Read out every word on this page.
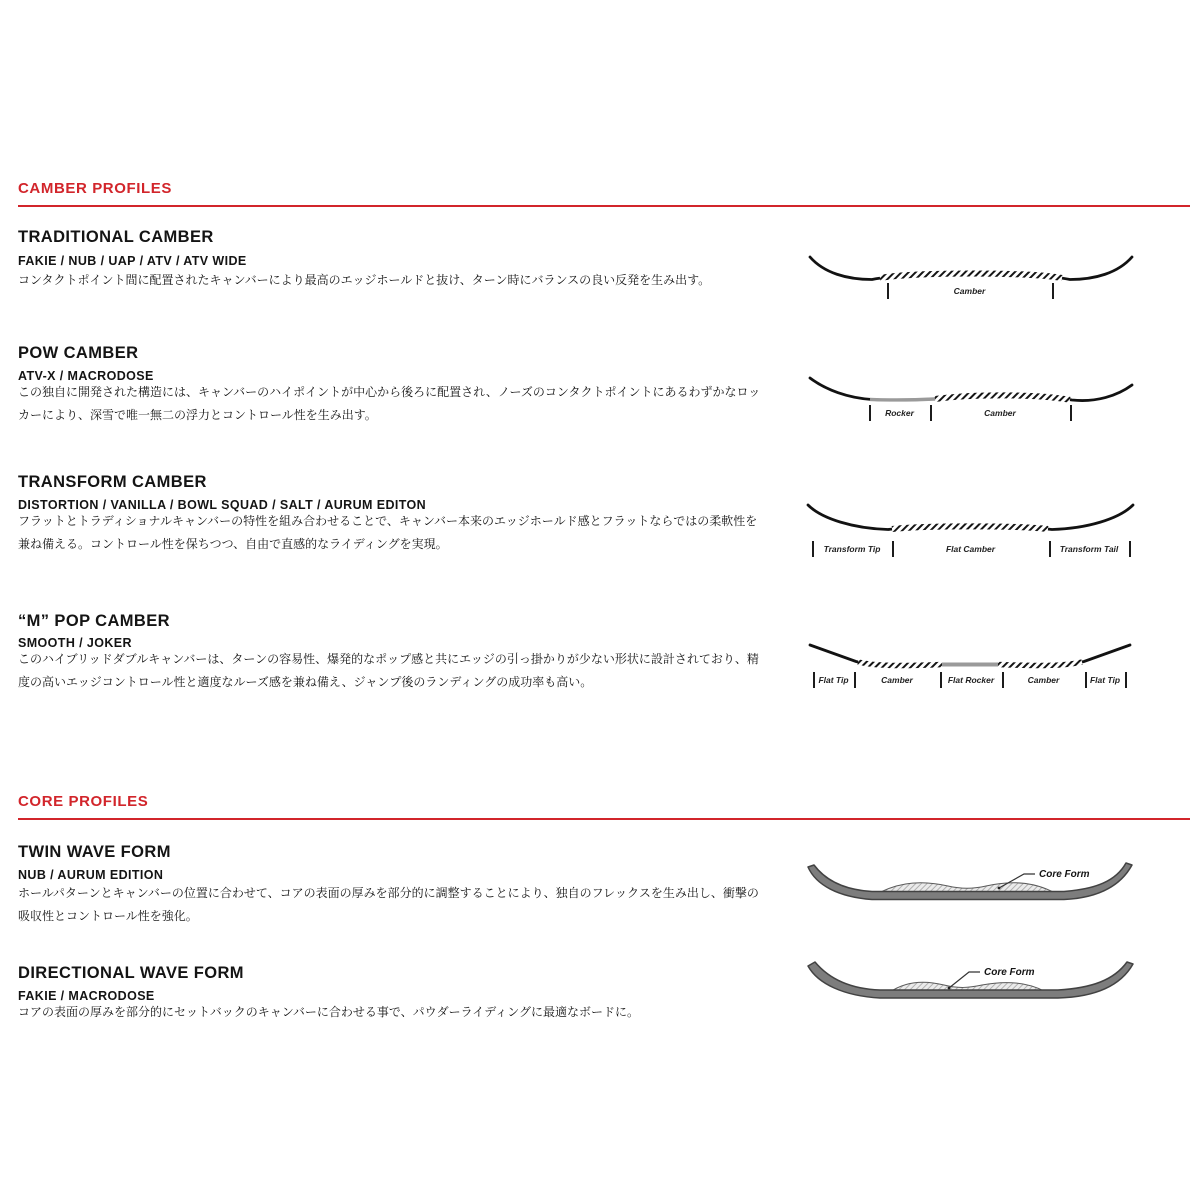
CAMBER PROFILES
TRADITIONAL CAMBER
FAKIE / NUB / UAP / ATV / ATV WIDE
コンタクトポイント間に配置されたキャンバーにより最高のエッジホールドと抜け、ターン時にバランスの良い反発を生み出す。
Camber
POW CAMBER
ATV-X / MACRODOSE
この独自に開発された構造には、キャンバーのハイポイントが中心から後ろに配置され、ノーズのコンタクトポイントにあるわずかなロッカーにより、深雪で唯一無二の浮力とコントロール性を生み出す。	Rocker	Camber
TRANSFORM CAMBER
DISTORTION / VANILLA / BOWL SQUAD / SALT / AURUM EDITON
フラットとトラディショナルキャンバーの特性を組み合わせることで、キャンバー本来のエッジホールド感とフラットならではの柔軟性を兼ね備える。コントロール性を保ちつつ、自由で直感的なライディングを実現。	Transform Tip	Flat Camber	Transform Tail
“M” POP CAMBER
SMOOTH / JOKER
このハイブリッドダブルキャンバーは、ターンの容易性、爆発的なポップ感と共にエッジの引っ掛かりが少ない形状に設計されており、精度の高いエッジコントロール性と適度なルーズ感を兼ね備え、ジャンプ後のランディングの成功率も高い。	Flat Tip	Camber	Flat Rocker	Camber	Flat Tip
CORE PROFILES
TWIN WAVE FORM
NUB / AURUM EDITION
ホールパターンとキャンバーの位置に合わせて、コアの表面の厚みを部分的に調整することにより、独自のフレックスを生み出し、衝撃の吸収性とコントロール性を強化。
Core Form
DIRECTIONAL WAVE FORM
FAKIE / MACRODOSE
コアの表面の厚みを部分的にセットバックのキャンバーに合わせる事で、パウダーライディングに最適なボードに。
Core Form
